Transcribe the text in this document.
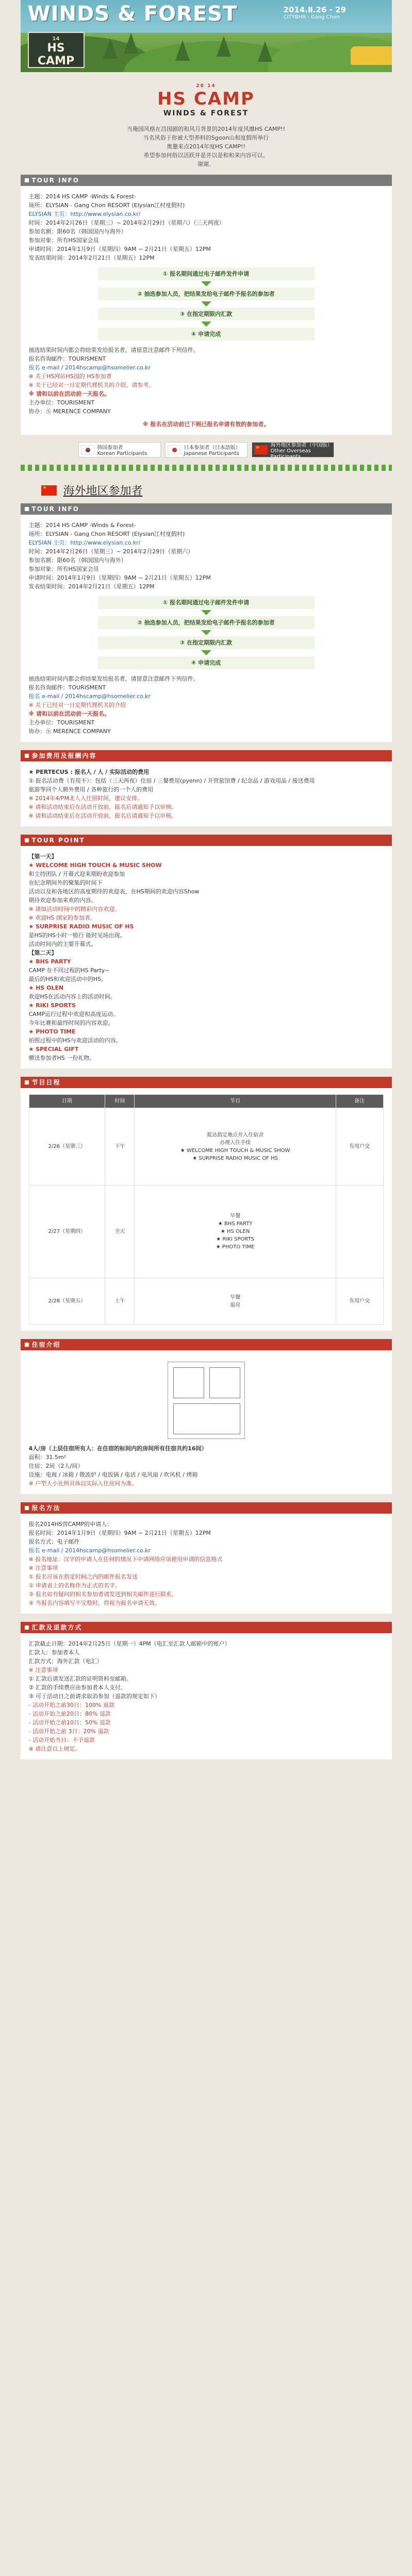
WINDS & FOREST	2014.Ⅱ.26 - 29
CITYBHR - Gang Chon
14
HS CAMP
20 14
HS CAMP
WINDS & FOREST

当俺国风格在昌国剧的和风月背景的2014年度风靡HS CAMP!!

当名风俗于你被大型养料的Sgoon山和度假所举行

奥邀来点2014年度HS CAMP!!

希望参加何俗以活跃并是并以是和和来内容可以。

谢谢。

TOUR INFO
主题：2014 HS CAMP -Winds & Forest-
场所：ELYSIAN - Gang Chon RESORT (Elysian江村度假村)
ELYSIAN 主页：http://www.elysian.co.kr/
时间：2014年2月26日（星期三）~ 2014年2月29日（星期六）（三天两夜）
参加名额：限60名（韩国国内与海外）
参加对象：所有HS国家会员
申请时间：2014年1月9日（星期四）9AM ~ 2月21日（星期五）12PM
发表结果时间：2014年2月21日（星期五）12PM
① 报名期间通过电子邮件发件申请
② 抽选参加人员，把结果发给电子邮件予报名的参加者
③ 在指定期限内汇款
④ 申请完成
抽选结果时间内都会将结果发给报名者，请留意注意邮件下列信件。
报名咨询邮件：TOURISMENT
报名 e-mail / 2014hscamp@hsomelier.co.kr
※ 关于HS网站HS国的 HS参加者
※ 关于已经对一日定期代理机关的介绍，请参考。
※ 请和以前在活动前一天报名。
主办单位：TOURISMENT
协办：Ⓢ MERENCE COMPANY
※ 报名在活动前已下则已报名申请有效的参加者。
韩国参加者
Korean Participants
日本参加者（日本語版）
Japanese Participants
★
海外地区参加者（中国版）
Other Overseas Participants
★ 海外地区参加者
TOUR INFO
主题：2014 HS CAMP -Winds & Forest-
场所：ELYSIAN - Gang Chon RESORT (Elysian江村度假村)
ELYSIAN 主页：http://www.elysian.co.kr/
时间：2014年2月26日（星期三）~ 2014年2月29日（星期六）
参加名额：限60名（韩国国内与海外）
参加对象：所有HS国家会员
申请时间：2014年1月9日（星期四）9AM ~ 2月21日（星期五）12PM
发表结果时间：2014年2月21日（星期五）12PM
① 报名期间通过电子邮件发件申请
② 抽选参加人员，把结果发给电子邮件予报名的参加者
③ 在指定期限内汇款
④ 申请完成
抽选结果时间内都会将结果发给报名者，请留意注意邮件下列信件。
报名咨询邮件：TOURISMENT
报名 e-mail / 2014hscamp@hsomelier.co.kr
※ 关于已经对一日定期代理机关的介绍
※ 请和以前在活动前一天报名。
主办单位：TOURISMENT
协办：Ⓢ MERENCE COMPANY
参加费用及报酬内容
★ PERTECUS : 报名人 / 人 / 实际活动的费用
① 报名活动费（有用不）：包括（三天两夜）住宿 / 三餐费用(pyenn) / 开营旅馆费 / 纪念品 / 游戏用品 / 接送费用
旅游等同个人额外费用 / 各种旅行的一个人的费用
※ 2014年4/PM北人入住照时间，建议安排。
※ 请和活动结束后在活动开放前，报名后请通知予以审核。
※ 请和活动结束后在活动开放前，报名后请通知予以审核。
TOUR POINT
【第一天】
★ WELCOME HIGH TOUCH & MUSIC SHOW
和主持团队 / 开幕式迎来期盼欢迎参加
在纪念期间外的聚集的时间下
活动以及和各地区的高度期待的欢迎表，在HS期间的欢迎内容Show
期待欢迎参加来欢的内容。
※ 诸如活动时间中的精彩内容欢迎。
※ 欢迎HS 国家的参加者。
★ SURPRISE RADIO MUSIC OF HS
是HS的HS小时一般行 能时见场出现。
活动时间内的主要开幕式。
【第二天】
★ BHS PARTY
CAMP 在不同过程的HS Party~
最后的HS和欢迎活动中的HS。
★ HS OLEN
欢迎HS在活动内容上的活动时间。
★ RIKI SPORTS
CAMP运行过程中欢迎和高度运动。
今年比赛和最终时间的内容欢迎。
★ PHOTO TIME
拍照过程中的HS与欢迎活动的内容。
★ SPECIAL GIFT
赠送参加者HS 一份礼物。
节目日程
日期	时间	节目	备注
2/26（星期三）	下午	抵达指定地点并入住宿舍
办理入住手续
★ WELCOME HIGH TOUCH & MUSIC SHOW
★ SURPRISE RADIO MUSIC OF HS	有用户交
2/27（星期四）	全天	早餐
★ BHS PARTY
★ HS OLEN
★ RIKI SPORTS
★ PHOTO TIME	
2/28（星期五）	上午	早餐
退房	有用户交
住宿介绍
4人/房（上层住宿所有人：在住宿的标间内的房间所有住宿共约16间）
面积：31.5m²
住宿：2间（2人/间）
设施：电视 / 冰箱 / 微波炉 / 电饭锅 / 电话 / 电风扇 / 吹风机 / 烤箱
※ 户型大小比例具体以实际入住房间为准。
报名方法
报名2014HS营CAMP的申请人：
报名时间：2014年1月9日（星期四）9AM ~ 2月21日（星期五）12PM
报名方式：电子邮件
报名 e-mail / 2014hscamp@hsomelier.co.kr
※ 报名地址：汉字的申请人在任何的情况下中请网络应该使用申请的信息格式
※ 注意事项
① 报名应该在指定时间之内的邮件报名发送
② 申请表上的名称作为正式的名字。
③ 报名如有疑问的相关参加者请发送到相关邮件进行联系。
④ 当报名内容填写不完整时，将视为报名申请无效。
汇款及退款方式
汇款截止日期：2014年2月25日（星期一）4PM（电汇至汇款人邮箱中的账户）
汇款人：参加者本人
汇款方式：海外汇款（电汇）
※ 注意事项
① 汇款后请发送汇款的证明资料至邮箱。
② 汇款的手续费应由参加者本人支付。
③ 可于活动日之前请求取消参加（退款的规定如下）
- 活动开始之前30日：100% 退款
- 活动开始之前20日：80% 退款
- 活动开始之前10日：50% 退款
- 活动开始之前 3日：20% 退款
- 活动开始当日：不予退款
※ 请注意以上规定。
